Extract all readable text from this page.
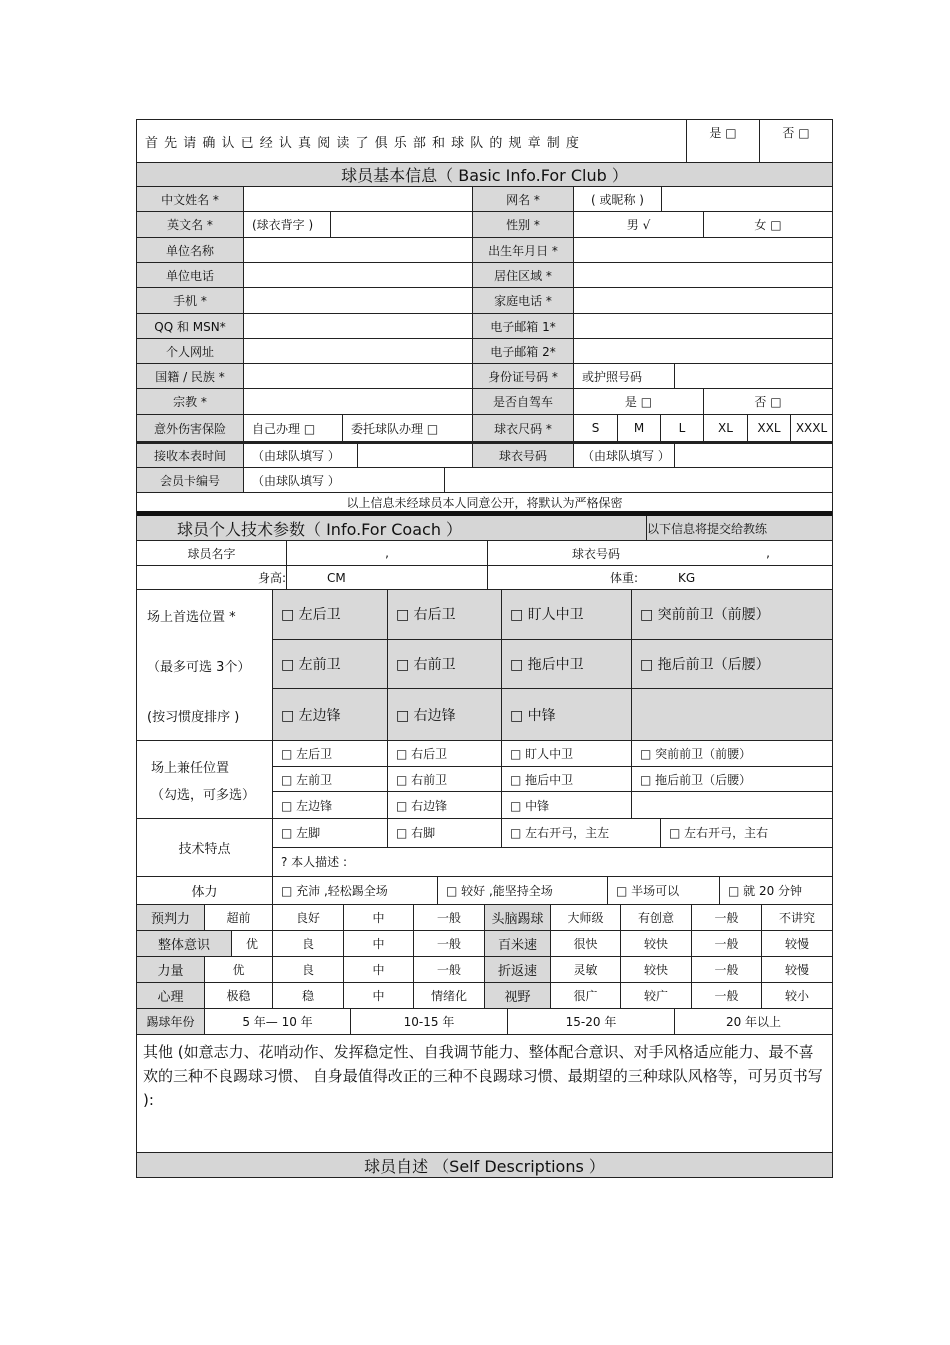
首 先 请 确 认 已 经 认 真 阅 读 了 俱 乐 部 和 球 队 的 规 章 制 度
是 □	否 □
球员基本信息（ Basic Info.For Club ）
中文姓名 *	网名 *	( 或昵称 )
英文名 *	(球衣背字 )	性别 *	男 √	女 □
单位名称	出生年月日 *
单位电话	居住区域 *
手机 *	家庭电话 *
QQ 和 MSN*	电子邮箱 1*
个人网址	电子邮箱 2*
国籍 / 民族 *	身份证号码 *	或护照号码
宗教 *	是否自驾车	是 □	否 □
意外伤害保险	自己办理 □	委托球队办理 □	球衣尺码 *	S	M	L	XL	XXL	XXXL
接收本表时间	（由球队填写 ）	球衣号码	（由球队填写 ）
会员卡编号	（由球队填写 ）
以上信息未经球员本人同意公开，将默认为严格保密
球员个人技术参数（ Info.For Coach ）	以下信息将提交给教练
球员名字	,	球衣号码	,
身高:	CM	体重:	KG
场上首选位置 *
（最多可选 3个）
(按习惯度排序 )
□ 左后卫	□ 右后卫	□ 盯人中卫	□ 突前前卫（前腰）
□ 左前卫	□ 右前卫	□ 拖后中卫	□ 拖后前卫（后腰）
□ 左边锋	□ 右边锋	□ 中锋
场上兼任位置
（勾选，可多选）
□ 左后卫	□ 右后卫	□ 盯人中卫	□ 突前前卫（前腰）
□ 左前卫	□ 右前卫	□ 拖后中卫	□ 拖后前卫（后腰）
□ 左边锋	□ 右边锋	□ 中锋
技术特点
□ 左脚	□ 右脚	□ 左右开弓，主左	□ 左右开弓，主右
? 本人描述 :
体力	□ 充沛 ,轻松踢全场	□ 较好 ,能坚持全场	□ 半场可以	□ 就 20 分钟
预判力	超前	良好	中	一般	头脑踢球	大师级	有创意	一般	不讲究
整体意识	优	良	中	一般	百米速	很快	较快	一般	较慢
力量	优	良	中	一般	折返速	灵敏	较快	一般	较慢
心理	极稳	稳	中	情绪化	视野	很广	较广	一般	较小
踢球年份	5 年— 10 年	10-15 年	15-20 年	20 年以上
其他 (如意志力、花哨动作、发挥稳定性、自我调节能力、整体配合意识、对手风格适应能力、最不喜欢的三种不良踢球习惯、 自身最值得改正的三种不良踢球习惯、最期望的三种球队风格等，可另页书写 ):
球员自述 （Self Descriptions ）
